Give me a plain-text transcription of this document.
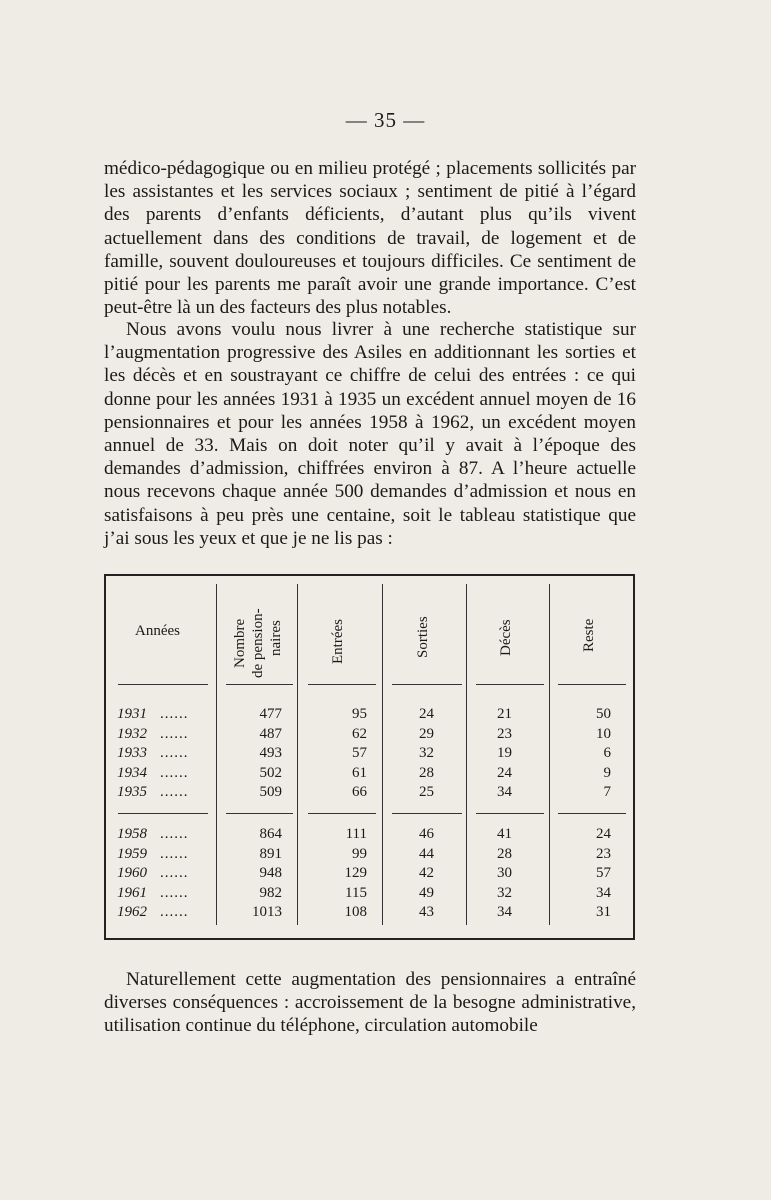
— 35 —

médico-pédagogique ou en milieu protégé ; placements sollicités par les assistantes et les services sociaux ; sentiment de pitié à l’égard des parents d’enfants déficients, d’autant plus qu’ils vivent actuellement dans des conditions de travail, de logement et de famille, souvent douloureuses et toujours difficiles. Ce sentiment de pitié pour les parents me paraît avoir une grande importance. C’est peut-être là un des facteurs des plus notables.

Nous avons voulu nous livrer à une recherche statistique sur l’augmentation progressive des Asiles en additionnant les sorties et les décès et en soustrayant ce chiffre de celui des entrées : ce qui donne pour les années 1931 à 1935 un excédent annuel moyen de 16 pensionnaires et pour les années 1958 à 1962, un excédent moyen annuel de 33. Mais on doit noter qu’il y avait à l’époque des demandes d’admission, chiffrées environ à 87. A l’heure actuelle nous recevons chaque année 500 demandes d’admission et nous en satisfaisons à peu près une centaine, soit le tableau statistique que j’ai sous les yeux et que je ne lis pas :

Années	Nombre de pension- naires	Entrées	Sorties	Décès	Reste
1931 ......	477	95	24	21	50
1932 ......	487	62	29	23	10
1933 ......	493	57	32	19	6
1934 ......	502	61	28	24	9
1935 ......	509	66	25	34	7
1958 ......	864	111	46	41	24
1959 ......	891	99	44	28	23
1960 ......	948	129	42	30	57
1961 ......	982	115	49	32	34
1962 ......	1013	108	43	34	31

Naturellement cette augmentation des pensionnaires a entraîné diverses conséquences : accroissement de la besogne administrative, utilisation continue du téléphone, circulation automobile
